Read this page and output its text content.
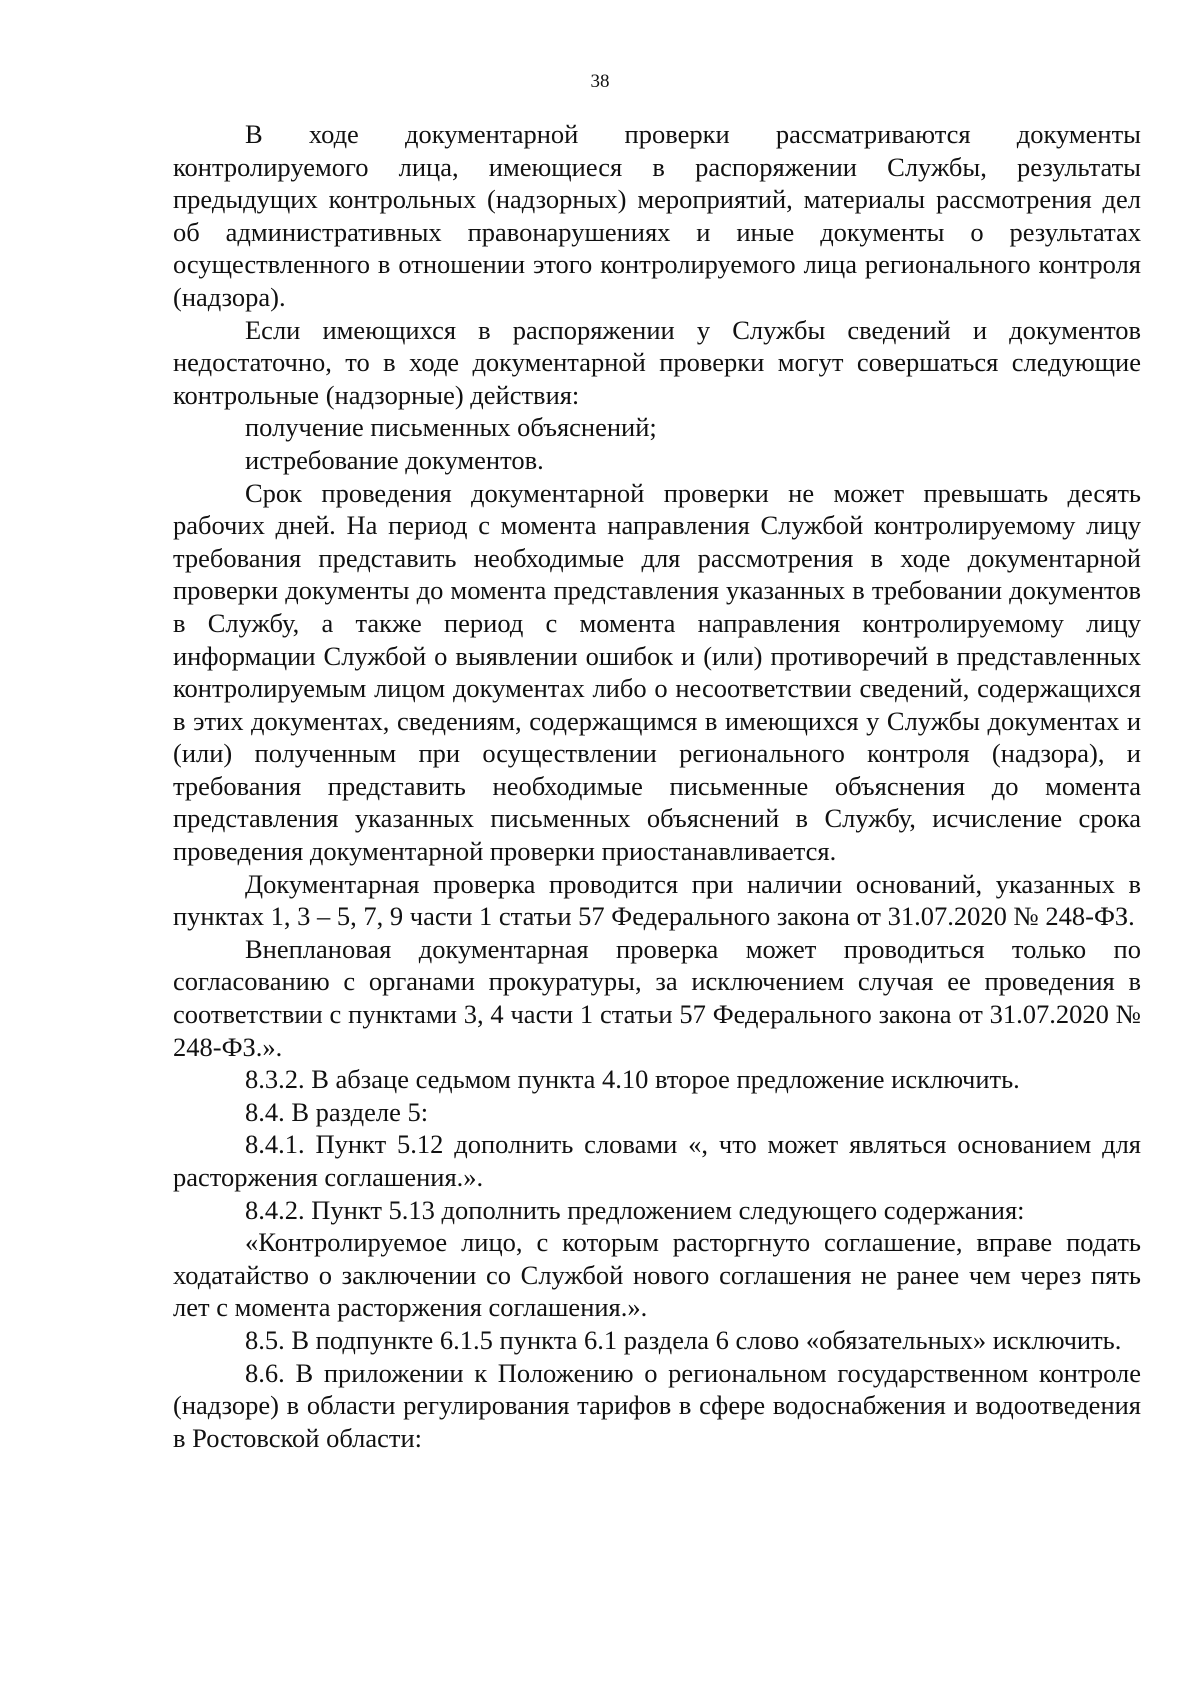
38

В ходе документарной проверки рассматриваются документы контролируемого лица, имеющиеся в распоряжении Службы, результаты предыдущих контрольных (надзорных) мероприятий, материалы рассмотрения дел об административных правонарушениях и иные документы о результатах осуществленного в отношении этого контролируемого лица регионального контроля (надзора).

Если имеющихся в распоряжении у Службы сведений и документов недостаточно, то в ходе документарной проверки могут совершаться следующие контрольные (надзорные) действия:

получение письменных объяснений;

истребование документов.

Срок проведения документарной проверки не может превышать десять рабочих дней. На период с момента направления Службой контролируемому лицу требования представить необходимые для рассмотрения в ходе документарной проверки документы до момента представления указанных в требовании документов в Службу, а также период с момента направления контролируемому лицу информации Службой о выявлении ошибок и (или) противоречий в представленных контролируемым лицом документах либо о несоответствии сведений, содержащихся в этих документах, сведениям, содержащимся в имеющихся у Службы документах и (или) полученным при осуществлении регионального контроля (надзора), и требования представить необходимые письменные объяснения до момента представления указанных письменных объяснений в Службу, исчисление срока проведения документарной проверки приостанавливается.

Документарная проверка проводится при наличии оснований, указанных в пунктах 1, 3 – 5, 7, 9 части 1 статьи 57 Федерального закона от 31.07.2020 № 248-ФЗ.

Внеплановая документарная проверка может проводиться только по согласованию с органами прокуратуры, за исключением случая ее проведения в соответствии с пунктами 3, 4 части 1 статьи 57 Федерального закона от 31.07.2020 № 248-ФЗ.».

8.3.2. В абзаце седьмом пункта 4.10 второе предложение исключить.

8.4. В разделе 5:

8.4.1. Пункт 5.12 дополнить словами «, что может являться основанием для расторжения соглашения.».

8.4.2. Пункт 5.13 дополнить предложением следующего содержания:

«Контролируемое лицо, с которым расторгнуто соглашение, вправе подать ходатайство о заключении со Службой нового соглашения не ранее чем через пять лет с момента расторжения соглашения.».

8.5. В подпункте 6.1.5 пункта 6.1 раздела 6 слово «обязательных» исключить.

8.6. В приложении к Положению о региональном государственном контроле (надзоре) в области регулирования тарифов в сфере водоснабжения и водоотведения в Ростовской области:
